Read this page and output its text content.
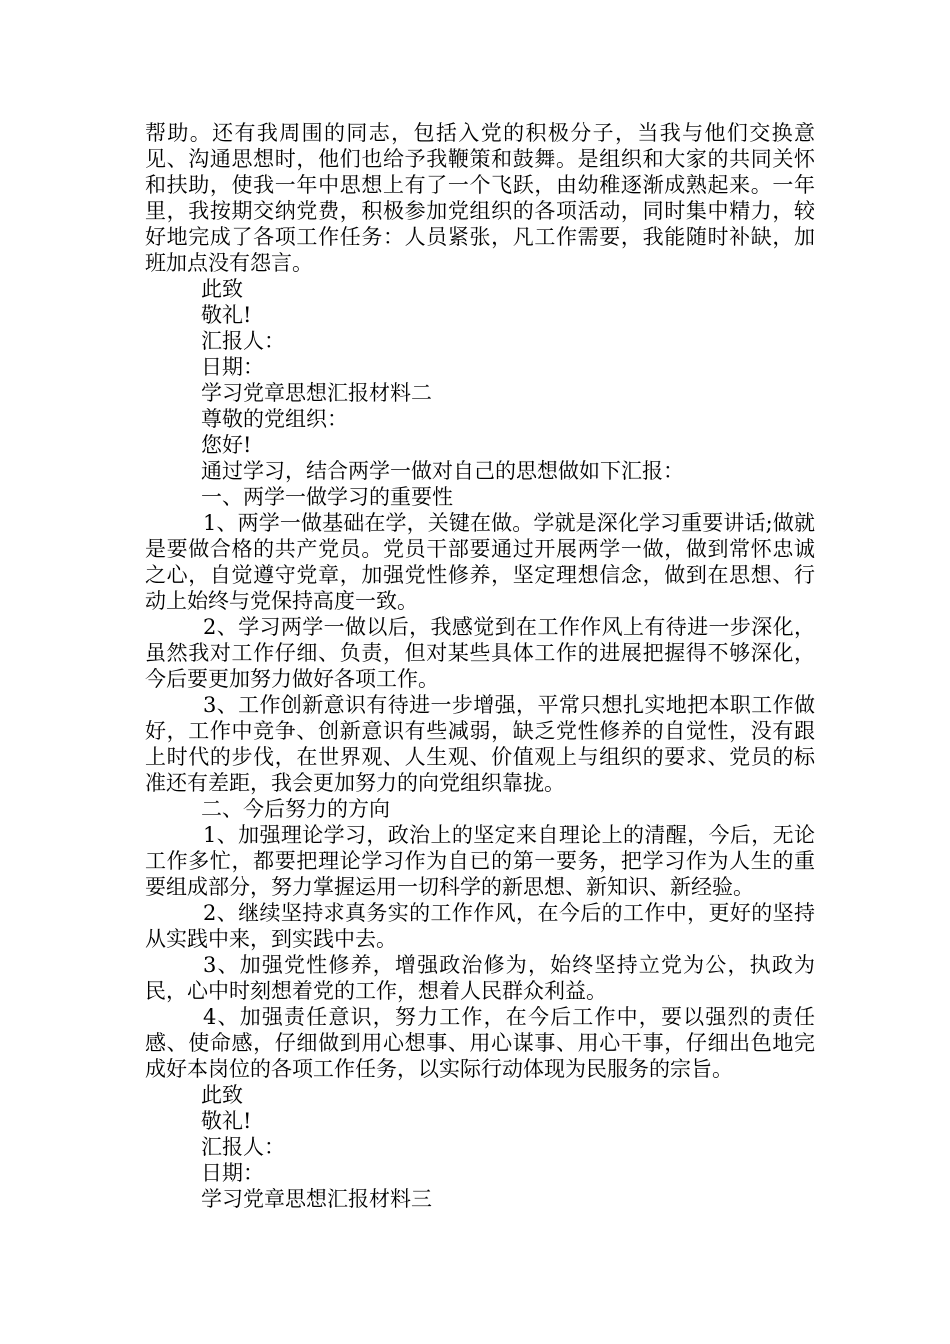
帮助。还有我周围的同志，包括入党的积极分子，当我与他们交换意见、沟通思想时，他们也给予我鞭策和鼓舞。是组织和大家的共同关怀和扶助，使我一年中思想上有了一个飞跃，由幼稚逐渐成熟起来。一年里，我按期交纳党费，积极参加党组织的各项活动，同时集中精力，较好地完成了各项工作任务：人员紧张，凡工作需要，我能随时补缺，加班加点没有怨言。

此致

敬礼!

汇报人：

日期：

学习党章思想汇报材料二

尊敬的党组织：

您好!

通过学习，结合两学一做对自己的思想做如下汇报：

一、两学一做学习的重要性

1、两学一做基础在学，关键在做。学就是深化学习重要讲话;做就是要做合格的共产党员。党员干部要通过开展两学一做，做到常怀忠诚之心，自觉遵守党章，加强党性修养，坚定理想信念，做到在思想、行动上始终与党保持高度一致。

2、学习两学一做以后，我感觉到在工作作风上有待进一步深化，虽然我对工作仔细、负责，但对某些具体工作的进展把握得不够深化，今后要更加努力做好各项工作。

3、工作创新意识有待进一步增强，平常只想扎实地把本职工作做好，工作中竞争、创新意识有些减弱，缺乏党性修养的自觉性，没有跟上时代的步伐，在世界观、人生观、价值观上与组织的要求、党员的标准还有差距，我会更加努力的向党组织靠拢。

二、今后努力的方向

1、加强理论学习，政治上的坚定来自理论上的清醒，今后，无论工作多忙，都要把理论学习作为自已的第一要务，把学习作为人生的重要组成部分，努力掌握运用一切科学的新思想、新知识、新经验。

2、继续坚持求真务实的工作作风，在今后的工作中，更好的坚持从实践中来，到实践中去。

3、加强党性修养，增强政治修为，始终坚持立党为公，执政为民，心中时刻想着党的工作，想着人民群众利益。

4、加强责任意识，努力工作，在今后工作中，要以强烈的责任感、使命感，仔细做到用心想事、用心谋事、用心干事，仔细出色地完成好本岗位的各项工作任务，以实际行动体现为民服务的宗旨。

此致

敬礼!

汇报人：

日期：

学习党章思想汇报材料三
